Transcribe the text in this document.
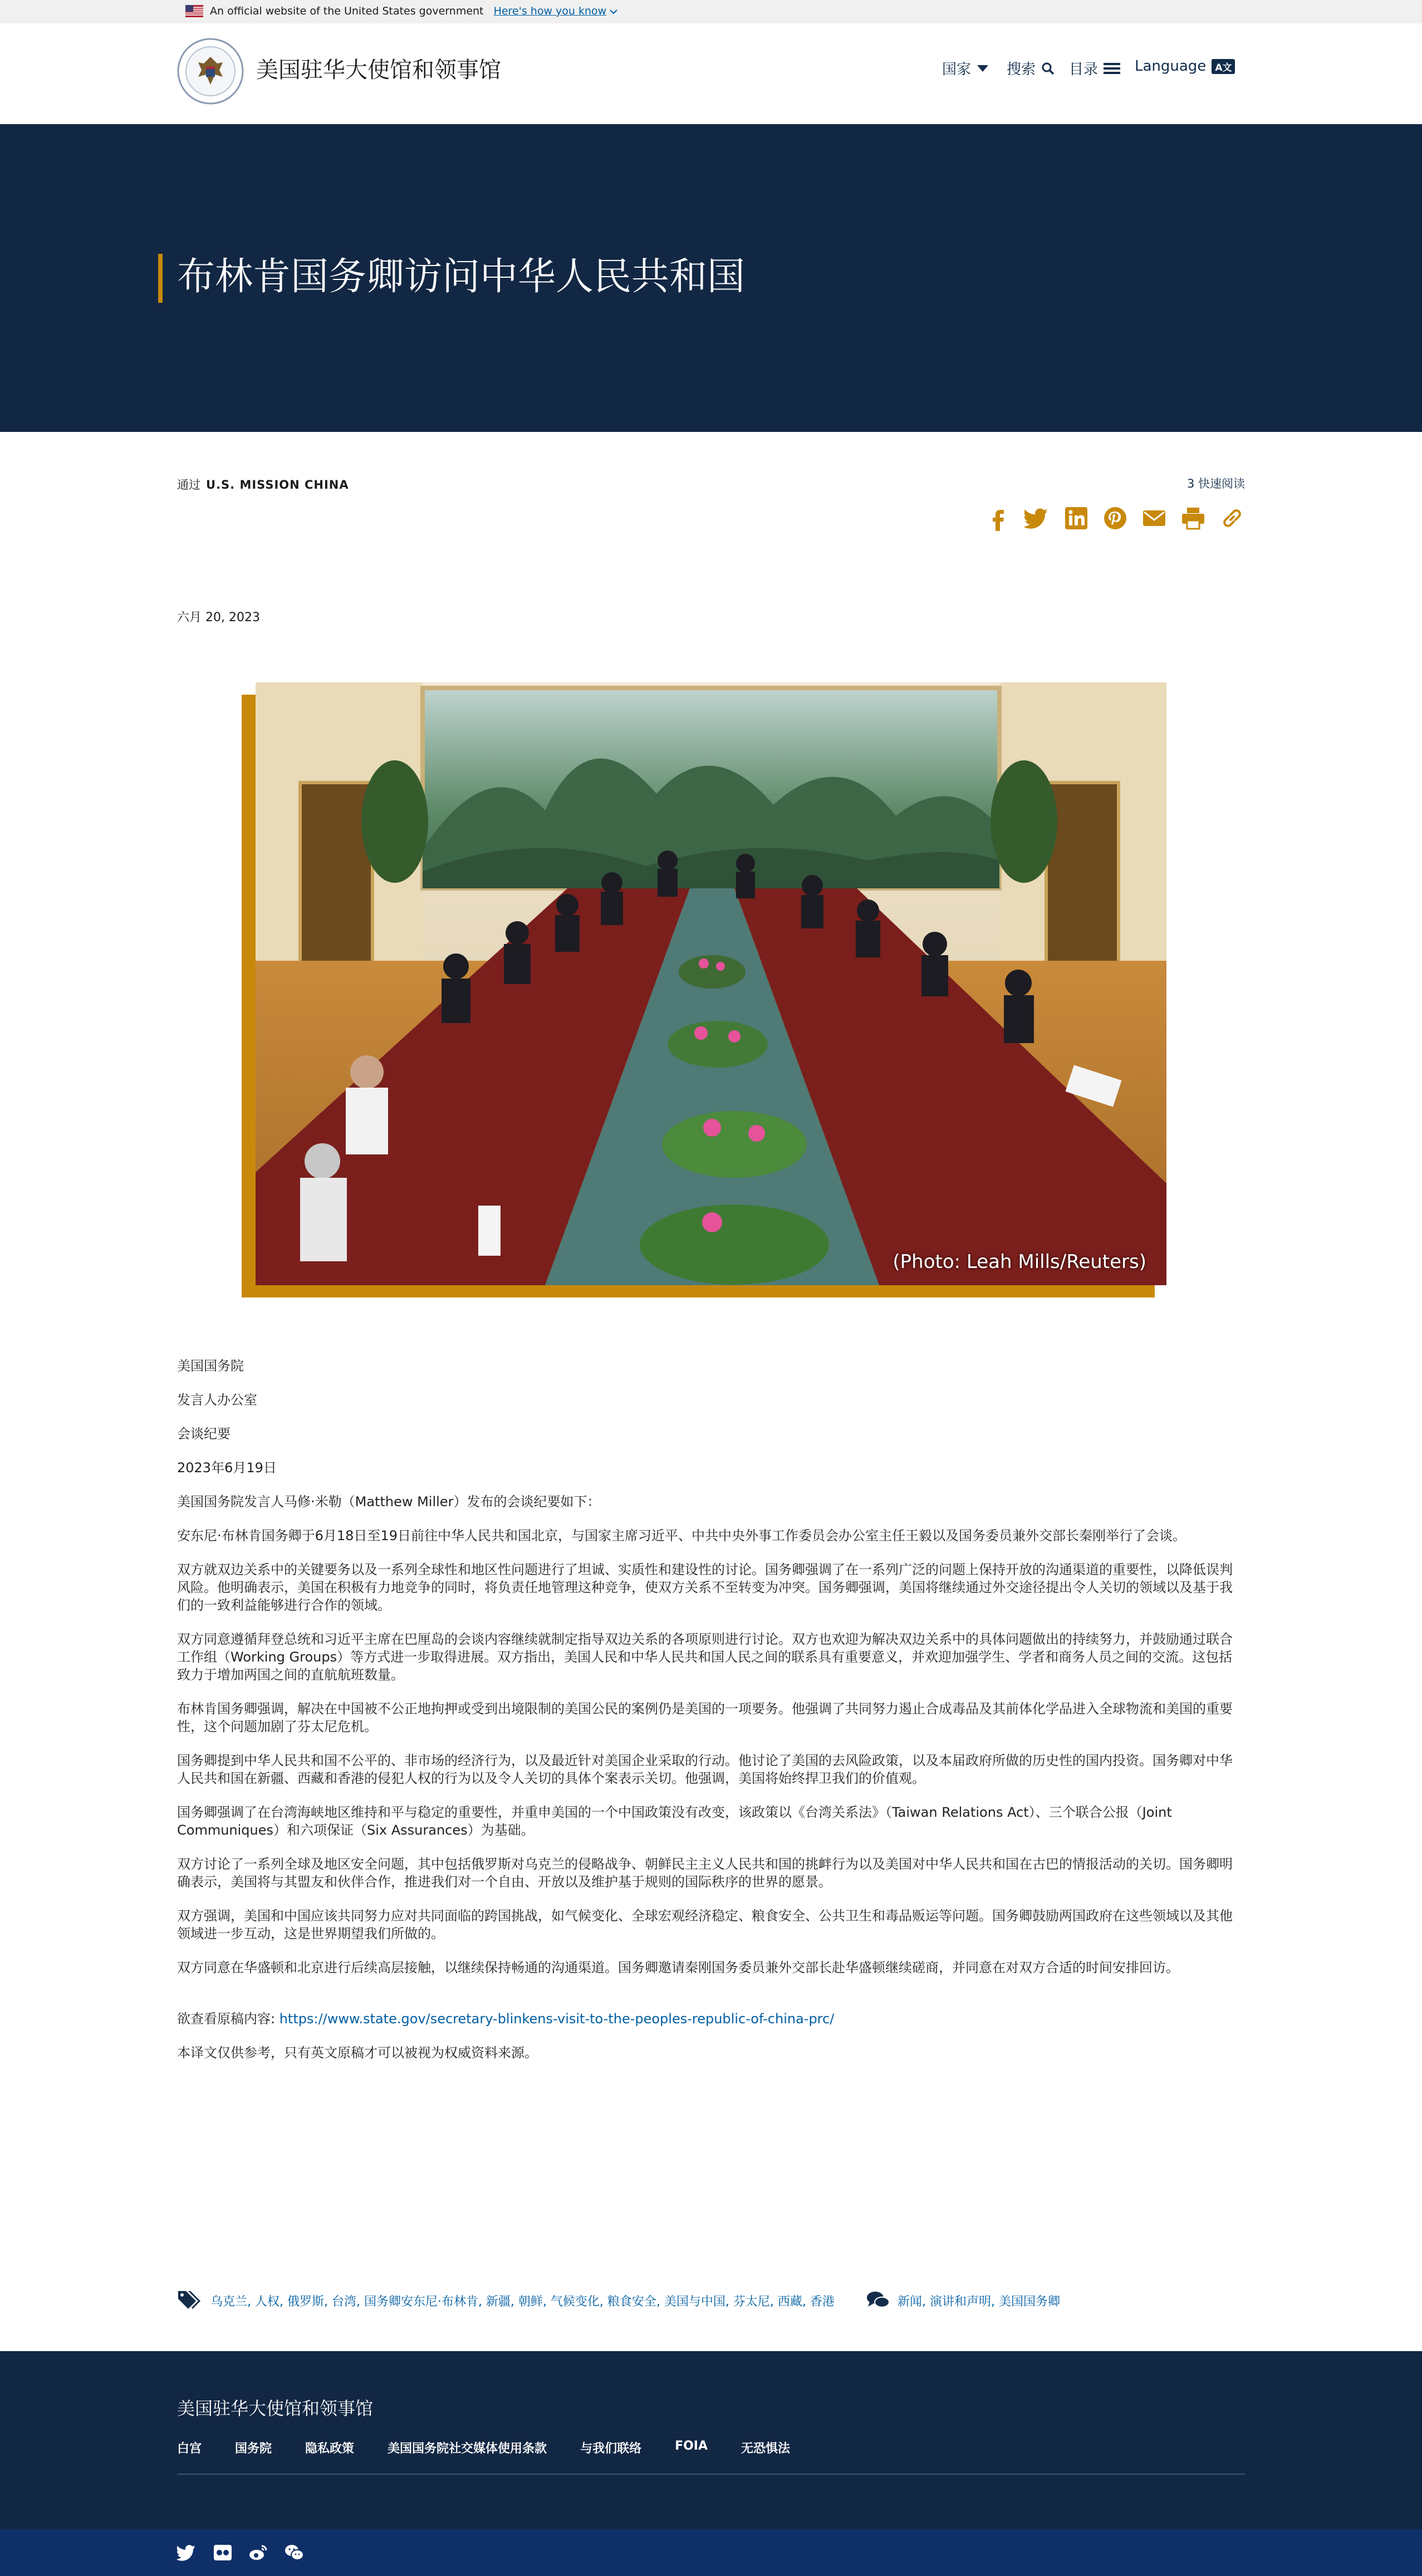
An official website of the United States government Here's how you know
美国驻华大使馆和领事馆	国家 搜索 目录	Language A文
布林肯国务卿访问中华人民共和国
通过 U.S. MISSION CHINA	3 快速阅读
六月 20, 2023
(Photo: Leah Mills/Reuters)

美国国务院

发言人办公室

会谈纪要

2023年6月19日

美国国务院发言人马修·米勒（Matthew Miller）发布的会谈纪要如下：

安东尼·布林肯国务卿于6月18日至19日前往中华人民共和国北京，与国家主席习近平、中共中央外事工作委员会办公室主任王毅以及国务委员兼外交部长秦刚举行了会谈。

双方就双边关系中的关键要务以及一系列全球性和地区性问题进行了坦诚、实质性和建设性的讨论。国务卿强调了在一系列广泛的问题上保持开放的沟通渠道的重要性，以降低误判风险。他明确表示，美国在积极有力地竞争的同时，将负责任地管理这种竞争，使双方关系不至转变为冲突。国务卿强调，美国将继续通过外交途径提出令人关切的领域以及基于我们的一致利益能够进行合作的领域。

双方同意遵循拜登总统和习近平主席在巴厘岛的会谈内容继续就制定指导双边关系的各项原则进行讨论。双方也欢迎为解决双边关系中的具体问题做出的持续努力，并鼓励通过联合工作组（Working Groups）等方式进一步取得进展。双方指出，美国人民和中华人民共和国人民之间的联系具有重要意义，并欢迎加强学生、学者和商务人员之间的交流。这包括致力于增加两国之间的直航航班数量。

布林肯国务卿强调，解决在中国被不公正地拘押或受到出境限制的美国公民的案例仍是美国的一项要务。他强调了共同努力遏止合成毒品及其前体化学品进入全球物流和美国的重要性，这个问题加剧了芬太尼危机。

国务卿提到中华人民共和国不公平的、非市场的经济行为，以及最近针对美国企业采取的行动。他讨论了美国的去风险政策，以及本届政府所做的历史性的国内投资。国务卿对中华人民共和国在新疆、西藏和香港的侵犯人权的行为以及令人关切的具体个案表示关切。他强调，美国将始终捍卫我们的价值观。

国务卿强调了在台湾海峡地区维持和平与稳定的重要性，并重申美国的一个中国政策没有改变，该政策以《台湾关系法》（Taiwan Relations Act）、三个联合公报（Joint Communiques）和六项保证（Six Assurances）为基础。

双方讨论了一系列全球及地区安全问题，其中包括俄罗斯对乌克兰的侵略战争、朝鲜民主主义人民共和国的挑衅行为以及美国对中华人民共和国在古巴的情报活动的关切。国务卿明确表示，美国将与其盟友和伙伴合作，推进我们对一个自由、开放以及维护基于规则的国际秩序的世界的愿景。

双方强调，美国和中国应该共同努力应对共同面临的跨国挑战，如气候变化、全球宏观经济稳定、粮食安全、公共卫生和毒品贩运等问题。国务卿鼓励两国政府在这些领域以及其他领域进一步互动，这是世界期望我们所做的。

双方同意在华盛顿和北京进行后续高层接触，以继续保持畅通的沟通渠道。国务卿邀请秦刚国务委员兼外交部长赴华盛顿继续磋商，并同意在对双方合适的时间安排回访。

欲查看原稿内容: https://www.state.gov/secretary-blinkens-visit-to-the-peoples-republic-of-china-prc/

本译文仅供参考，只有英文原稿才可以被视为权威资料来源。

乌克兰, 人权, 俄罗斯, 台湾, 国务卿安东尼·布林肯, 新疆, 朝鲜, 气候变化, 粮食安全, 美国与中国, 芬太尼, 西藏, 香港	新闻, 演讲和声明, 美国国务卿
美国驻华大使馆和领事馆
白宫	国务院	隐私政策	美国国务院社交媒体使用条款	与我们联络	FOIA	无恐惧法
